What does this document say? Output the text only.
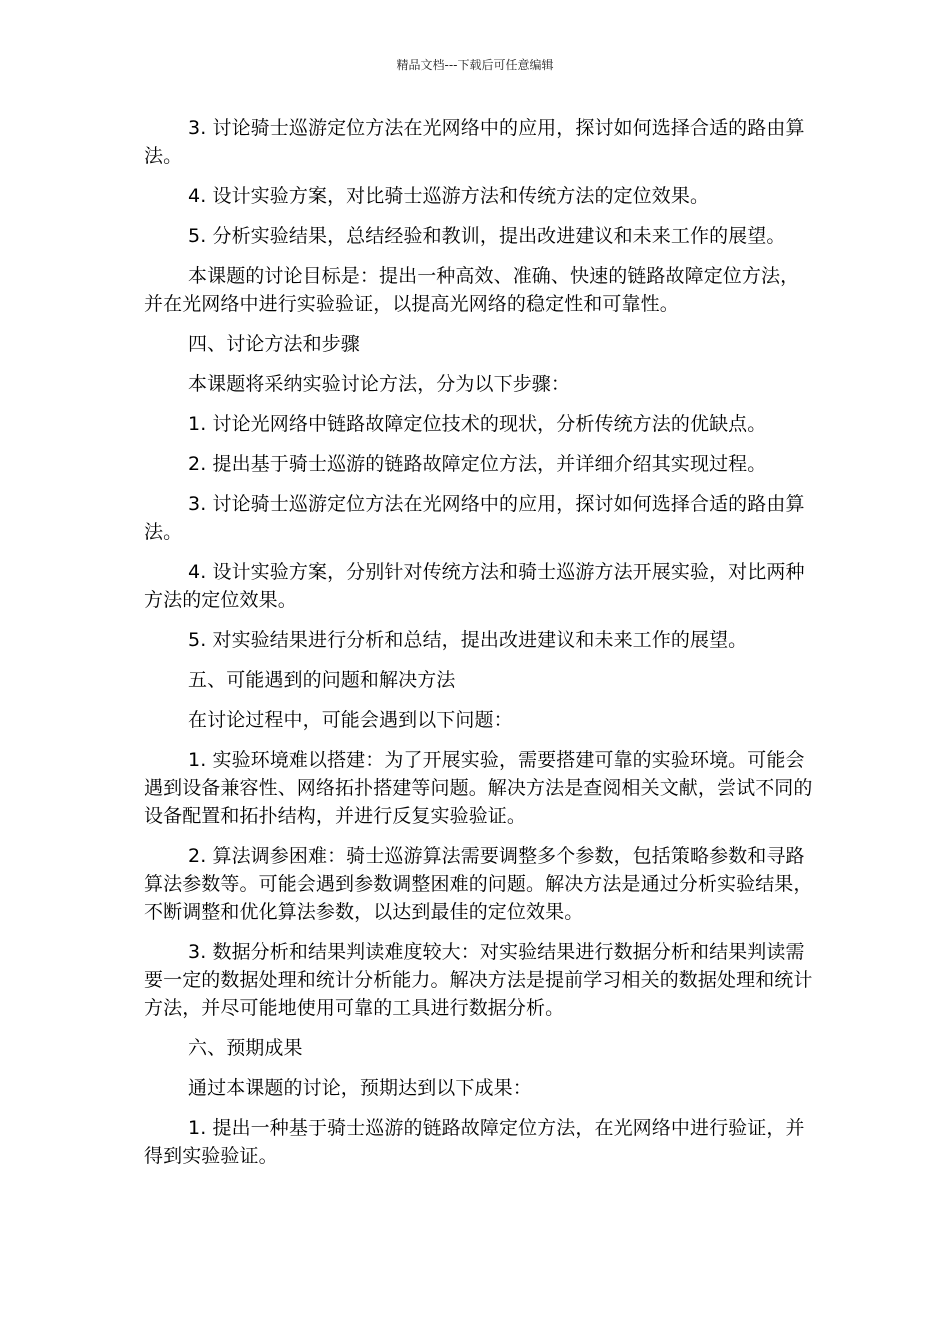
精品文档---下载后可任意编辑

3. 讨论骑士巡游定位方法在光网络中的应用，探讨如何选择合适的路由算法。

4. 设计实验方案，对比骑士巡游方法和传统方法的定位效果。

5. 分析实验结果，总结经验和教训，提出改进建议和未来工作的展望。

本课题的讨论目标是：提出一种高效、准确、快速的链路故障定位方法，并在光网络中进行实验验证，以提高光网络的稳定性和可靠性。

四、讨论方法和步骤

本课题将采纳实验讨论方法，分为以下步骤：

1. 讨论光网络中链路故障定位技术的现状，分析传统方法的优缺点。

2. 提出基于骑士巡游的链路故障定位方法，并详细介绍其实现过程。

3. 讨论骑士巡游定位方法在光网络中的应用，探讨如何选择合适的路由算法。

4. 设计实验方案，分别针对传统方法和骑士巡游方法开展实验，对比两种方法的定位效果。

5. 对实验结果进行分析和总结，提出改进建议和未来工作的展望。

五、可能遇到的问题和解决方法

在讨论过程中，可能会遇到以下问题：

1. 实验环境难以搭建：为了开展实验，需要搭建可靠的实验环境。可能会遇到设备兼容性、网络拓扑搭建等问题。解决方法是查阅相关文献，尝试不同的设备配置和拓扑结构，并进行反复实验验证。

2. 算法调参困难：骑士巡游算法需要调整多个参数，包括策略参数和寻路算法参数等。可能会遇到参数调整困难的问题。解决方法是通过分析实验结果，不断调整和优化算法参数，以达到最佳的定位效果。

3. 数据分析和结果判读难度较大：对实验结果进行数据分析和结果判读需要一定的数据处理和统计分析能力。解决方法是提前学习相关的数据处理和统计方法，并尽可能地使用可靠的工具进行数据分析。

六、预期成果

通过本课题的讨论，预期达到以下成果：

1. 提出一种基于骑士巡游的链路故障定位方法，在光网络中进行验证，并得到实验验证。
